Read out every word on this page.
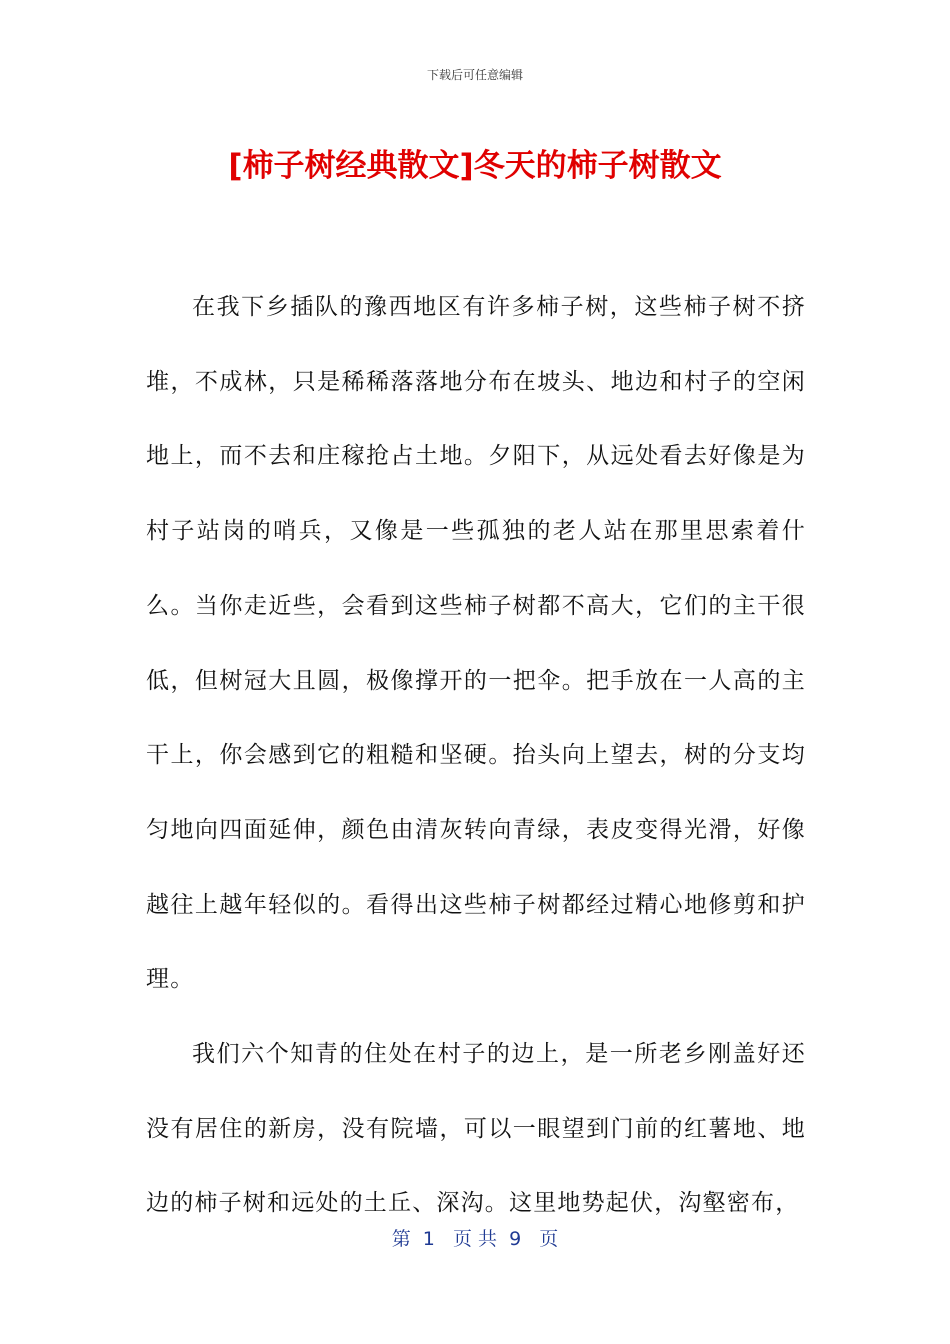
下载后可任意编辑
[柿子树经典散文]冬天的柿子树散文

在我下乡插队的豫西地区有许多柿子树，这些柿子树不挤堆，不成林，只是稀稀落落地分布在坡头、地边和村子的空闲地上，而不去和庄稼抢占土地。夕阳下，从远处看去好像是为村子站岗的哨兵，又像是一些孤独的老人站在那里思索着什么。当你走近些，会看到这些柿子树都不高大，它们的主干很低，但树冠大且圆，极像撑开的一把伞。把手放在一人高的主干上，你会感到它的粗糙和坚硬。抬头向上望去，树的分支均匀地向四面延伸，颜色由清灰转向青绿，表皮变得光滑，好像越往上越年轻似的。看得出这些柿子树都经过精心地修剪和护理。

我们六个知青的住处在村子的边上，是一所老乡刚盖好还没有居住的新房，没有院墙，可以一眼望到门前的红薯地、地边的柿子树和远处的土丘、深沟。这里地势起伏，沟壑密布，

第  1   页 共  9   页
